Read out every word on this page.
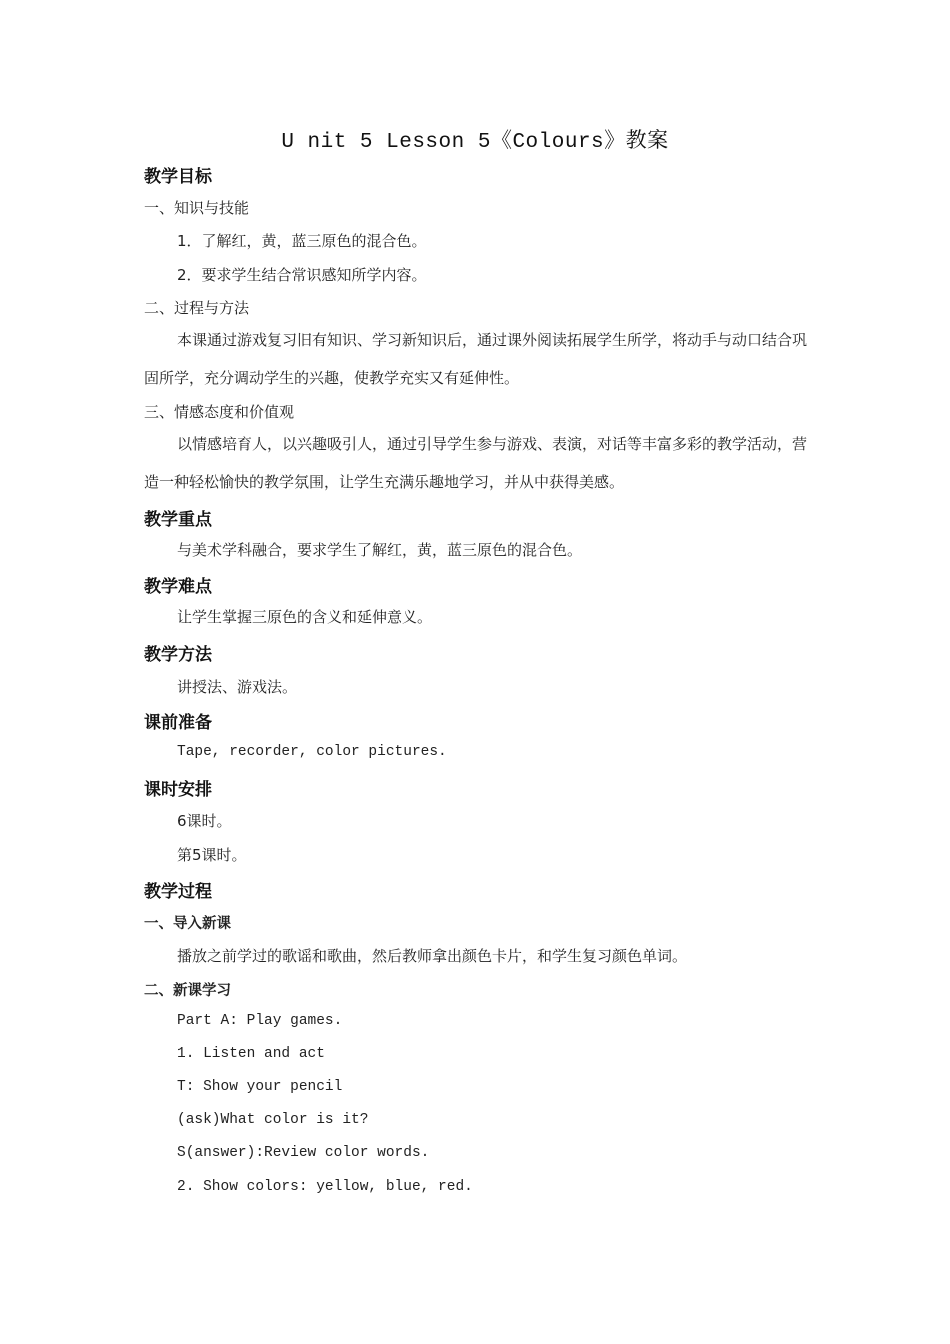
U nit 5 Lesson 5《Colours》教案
教学目标
一、知识与技能
1．了解红，黄，蓝三原色的混合色。
2．要求学生结合常识感知所学内容。
二、过程与方法
本课通过游戏复习旧有知识、学习新知识后，通过课外阅读拓展学生所学，将动手与动口结合巩固所学，充分调动学生的兴趣，使教学充实又有延伸性。
三、情感态度和价值观
以情感培育人，以兴趣吸引人，通过引导学生参与游戏、表演，对话等丰富多彩的教学活动，营造一种轻松愉快的教学氛围，让学生充满乐趣地学习，并从中获得美感。
教学重点
与美术学科融合，要求学生了解红，黄，蓝三原色的混合色。
教学难点
让学生掌握三原色的含义和延伸意义。
教学方法
讲授法、游戏法。
课前准备
Tape, recorder, color pictures.
课时安排
6课时。
第5课时。
教学过程
一、导入新课
播放之前学过的歌谣和歌曲，然后教师拿出颜色卡片，和学生复习颜色单词。
二、新课学习
Part A: Play games.
1. Listen and act
T: Show your pencil
(ask)What color is it?
S(answer):Review color words.
2. Show colors: yellow, blue, red.
